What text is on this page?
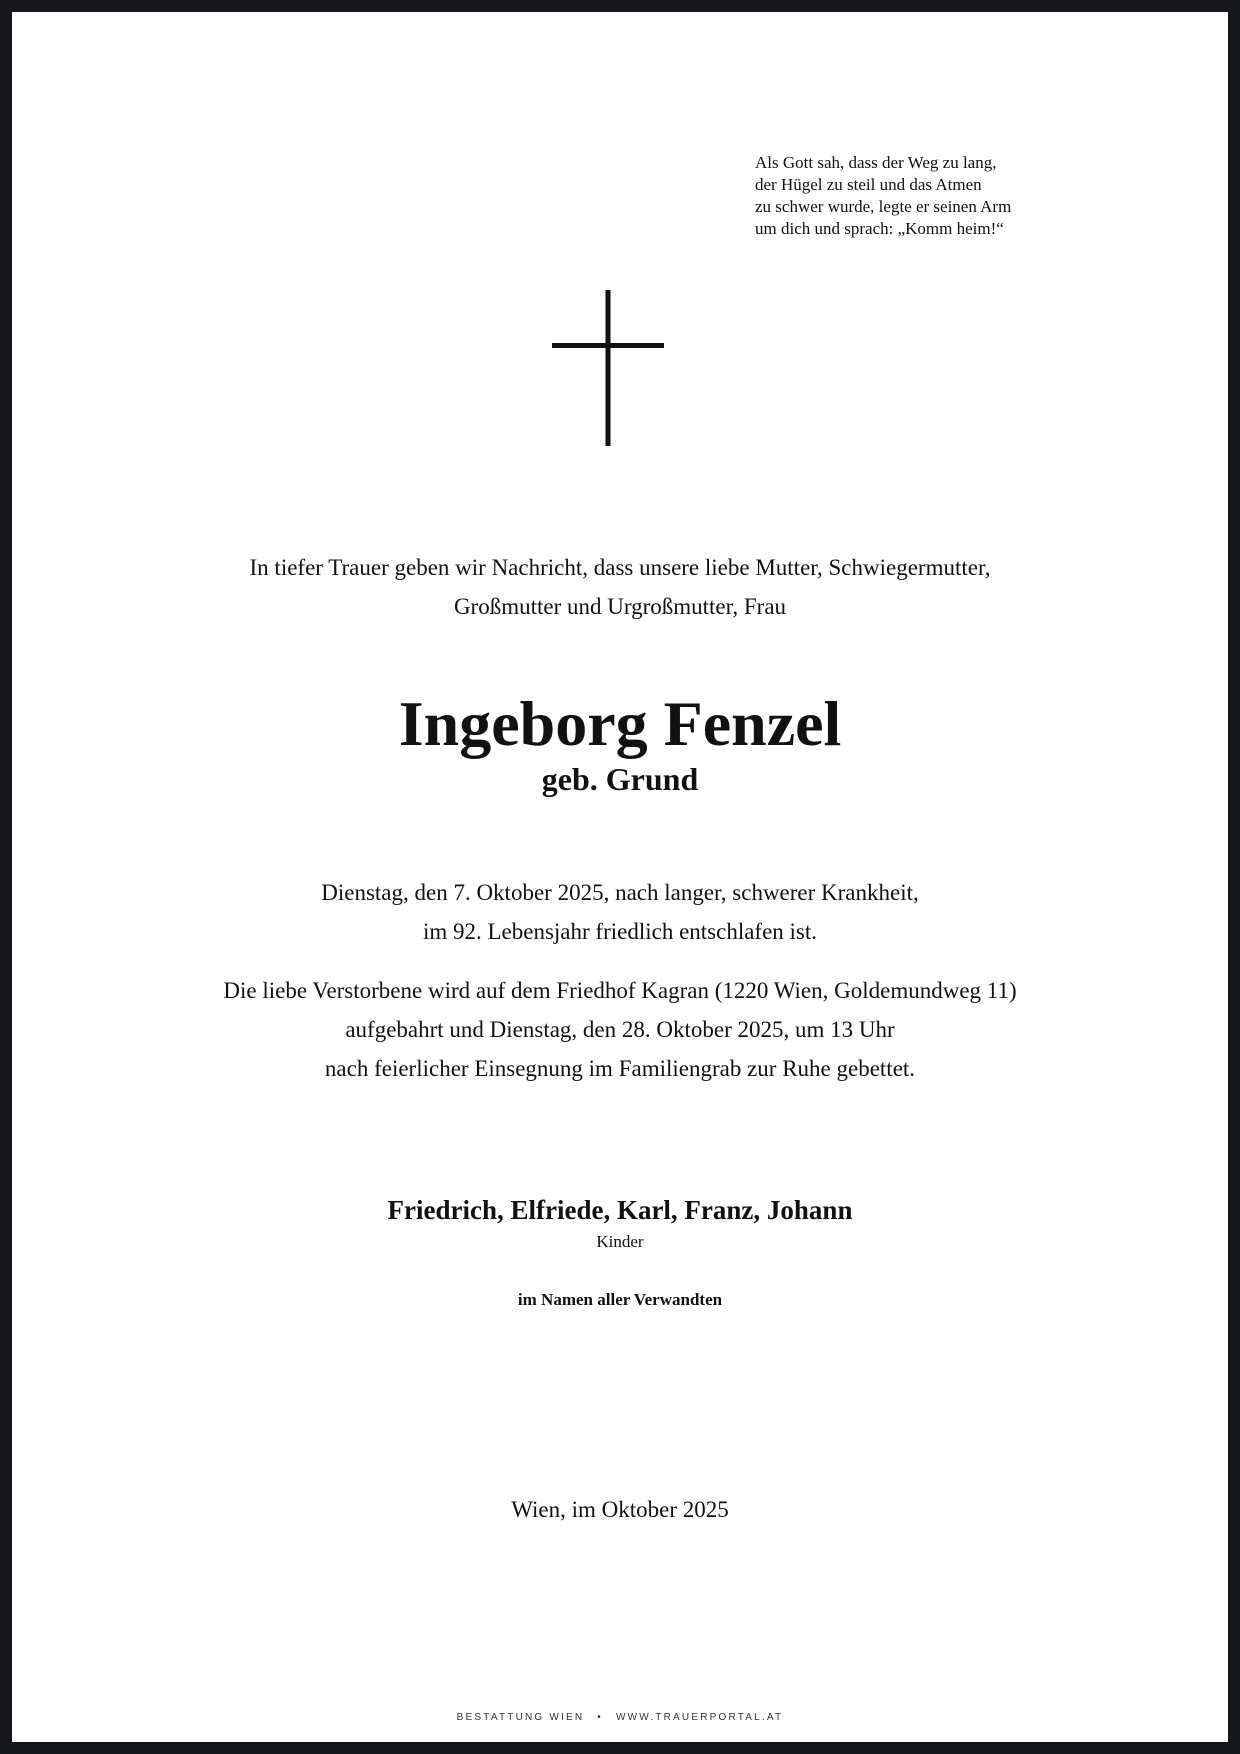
Als Gott sah, dass der Weg zu lang,
der Hügel zu steil und das Atmen
zu schwer wurde, legte er seinen Arm
um dich und sprach: „Komm heim!“
In tiefer Trauer geben wir Nachricht, dass unsere liebe Mutter, Schwiegermutter,
Großmutter und Urgroßmutter, Frau
Ingeborg Fenzel
geb. Grund
Dienstag, den 7. Oktober 2025, nach langer, schwerer Krankheit,
im 92. Lebensjahr friedlich entschlafen ist.
Die liebe Verstorbene wird auf dem Friedhof Kagran (1220 Wien, Goldemundweg 11)
aufgebahrt und Dienstag, den 28. Oktober 2025, um 13 Uhr
nach feierlicher Einsegnung im Familiengrab zur Ruhe gebettet.
Friedrich, Elfriede, Karl, Franz, Johann
Kinder
im Namen aller Verwandten
Wien, im Oktober 2025
BESTATTUNG WIEN • WWW.TRAUERPORTAL.AT
